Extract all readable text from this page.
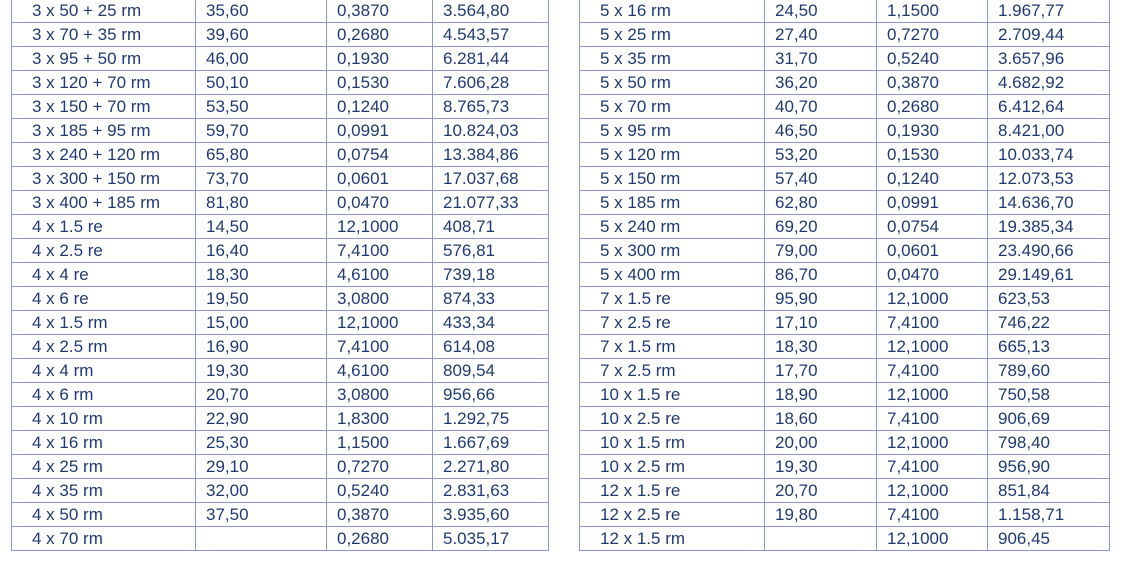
3 x 50 + 25 rm	35,60	0,3870	3.564,80
3 x 70 + 35 rm	39,60	0,2680	4.543,57
3 x 95 + 50 rm	46,00	0,1930	6.281,44
3 x 120 + 70 rm	50,10	0,1530	7.606,28
3 x 150 + 70 rm	53,50	0,1240	8.765,73
3 x 185 + 95 rm	59,70	0,0991	10.824,03
3 x 240 + 120 rm	65,80	0,0754	13.384,86
3 x 300 + 150 rm	73,70	0,0601	17.037,68
3 x 400 + 185 rm	81,80	0,0470	21.077,33
4 x 1.5 re	14,50	12,1000	408,71
4 x 2.5 re	16,40	7,4100	576,81
4 x 4 re	18,30	4,6100	739,18
4 x 6 re	19,50	3,0800	874,33
4 x 1.5 rm	15,00	12,1000	433,34
4 x 2.5 rm	16,90	7,4100	614,08
4 x 4 rm	19,30	4,6100	809,54
4 x 6 rm	20,70	3,0800	956,66
4 x 10 rm	22,90	1,8300	1.292,75
4 x 16 rm	25,30	1,1500	1.667,69
4 x 25 rm	29,10	0,7270	2.271,80
4 x 35 rm	32,00	0,5240	2.831,63
4 x 50 rm	37,50	0,3870	3.935,60
4 x 70 rm		0,2680	5.035,17
5 x 16 rm	24,50	1,1500	1.967,77
5 x 25 rm	27,40	0,7270	2.709,44
5 x 35 rm	31,70	0,5240	3.657,96
5 x 50 rm	36,20	0,3870	4.682,92
5 x 70 rm	40,70	0,2680	6.412,64
5 x 95 rm	46,50	0,1930	8.421,00
5 x 120 rm	53,20	0,1530	10.033,74
5 x 150 rm	57,40	0,1240	12.073,53
5 x 185 rm	62,80	0,0991	14.636,70
5 x 240 rm	69,20	0,0754	19.385,34
5 x 300 rm	79,00	0,0601	23.490,66
5 x 400 rm	86,70	0,0470	29.149,61
7 x 1.5 re	95,90	12,1000	623,53
7 x 2.5 re	17,10	7,4100	746,22
7 x 1.5 rm	18,30	12,1000	665,13
7 x 2.5 rm	17,70	7,4100	789,60
10 x 1.5 re	18,90	12,1000	750,58
10 x 2.5 re	18,60	7,4100	906,69
10 x 1.5 rm	20,00	12,1000	798,40
10 x 2.5 rm	19,30	7,4100	956,90
12 x 1.5 re	20,70	12,1000	851,84
12 x 2.5 re	19,80	7,4100	1.158,71
12 x 1.5 rm		12,1000	906,45
